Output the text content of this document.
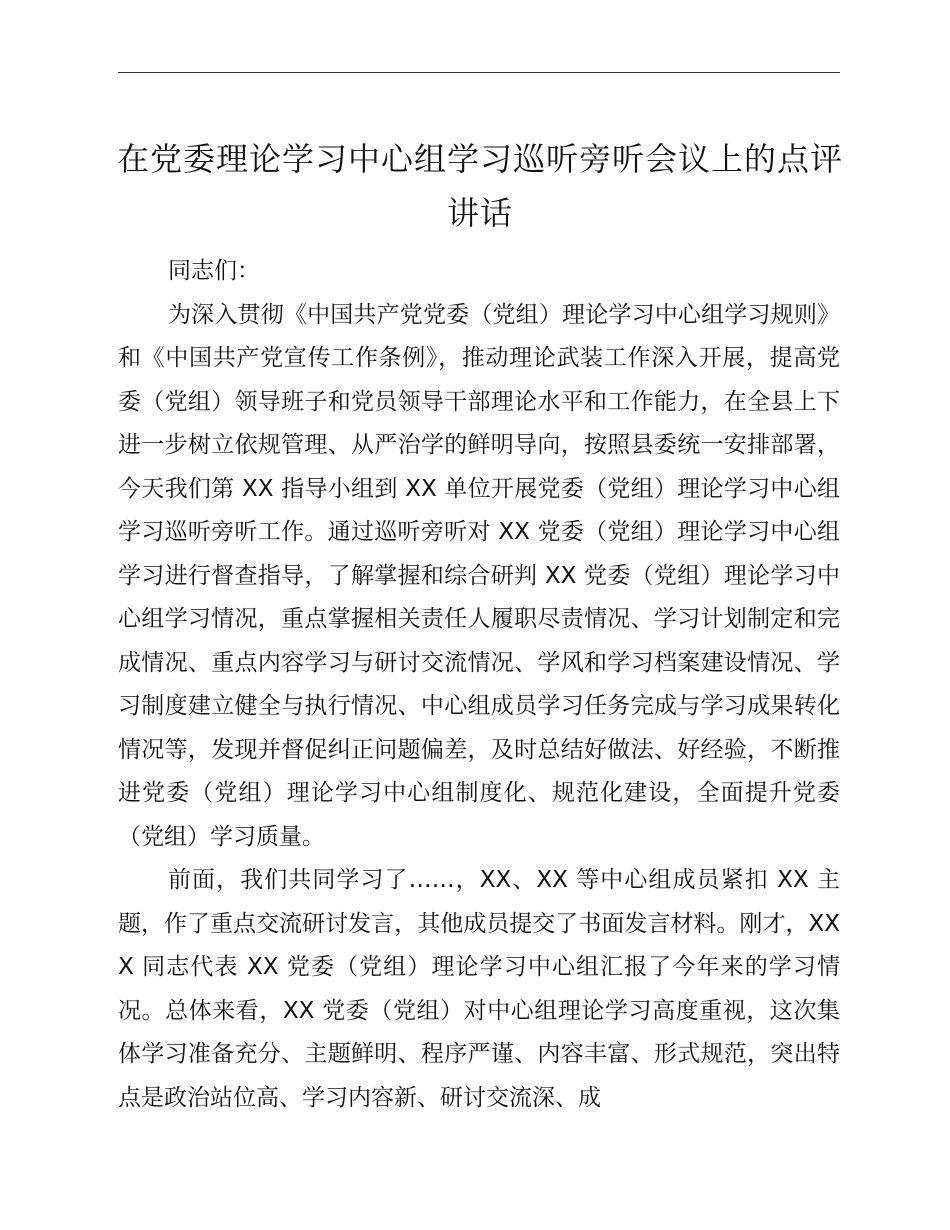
在党委理论学习中心组学习巡听旁听会议上的点评讲话

同志们：

为深入贯彻《中国共产党党委（党组）理论学习中心组学习规则》和《中国共产党宣传工作条例》，推动理论武装工作深入开展，提高党委（党组）领导班子和党员领导干部理论水平和工作能力，在全县上下进一步树立依规管理、从严治学的鲜明导向，按照县委统一安排部署，今天我们第 XX 指导小组到 XX 单位开展党委（党组）理论学习中心组学习巡听旁听工作。通过巡听旁听对 XX 党委（党组）理论学习中心组学习进行督查指导，了解掌握和综合研判 XX 党委（党组）理论学习中心组学习情况，重点掌握相关责任人履职尽责情况、学习计划制定和完成情况、重点内容学习与研讨交流情况、学风和学习档案建设情况、学习制度建立健全与执行情况、中心组成员学习任务完成与学习成果转化情况等，发现并督促纠正问题偏差，及时总结好做法、好经验，不断推进党委（党组）理论学习中心组制度化、规范化建设，全面提升党委（党组）学习质量。

前面，我们共同学习了……，XX、XX 等中心组成员紧扣 XX 主题，作了重点交流研讨发言，其他成员提交了书面发言材料。刚才，XXX 同志代表 XX 党委（党组）理论学习中心组汇报了今年来的学习情况。总体来看，XX 党委（党组）对中心组理论学习高度重视，这次集体学习准备充分、主题鲜明、程序严谨、内容丰富、形式规范，突出特点是政治站位高、学习内容新、研讨交流深、成
